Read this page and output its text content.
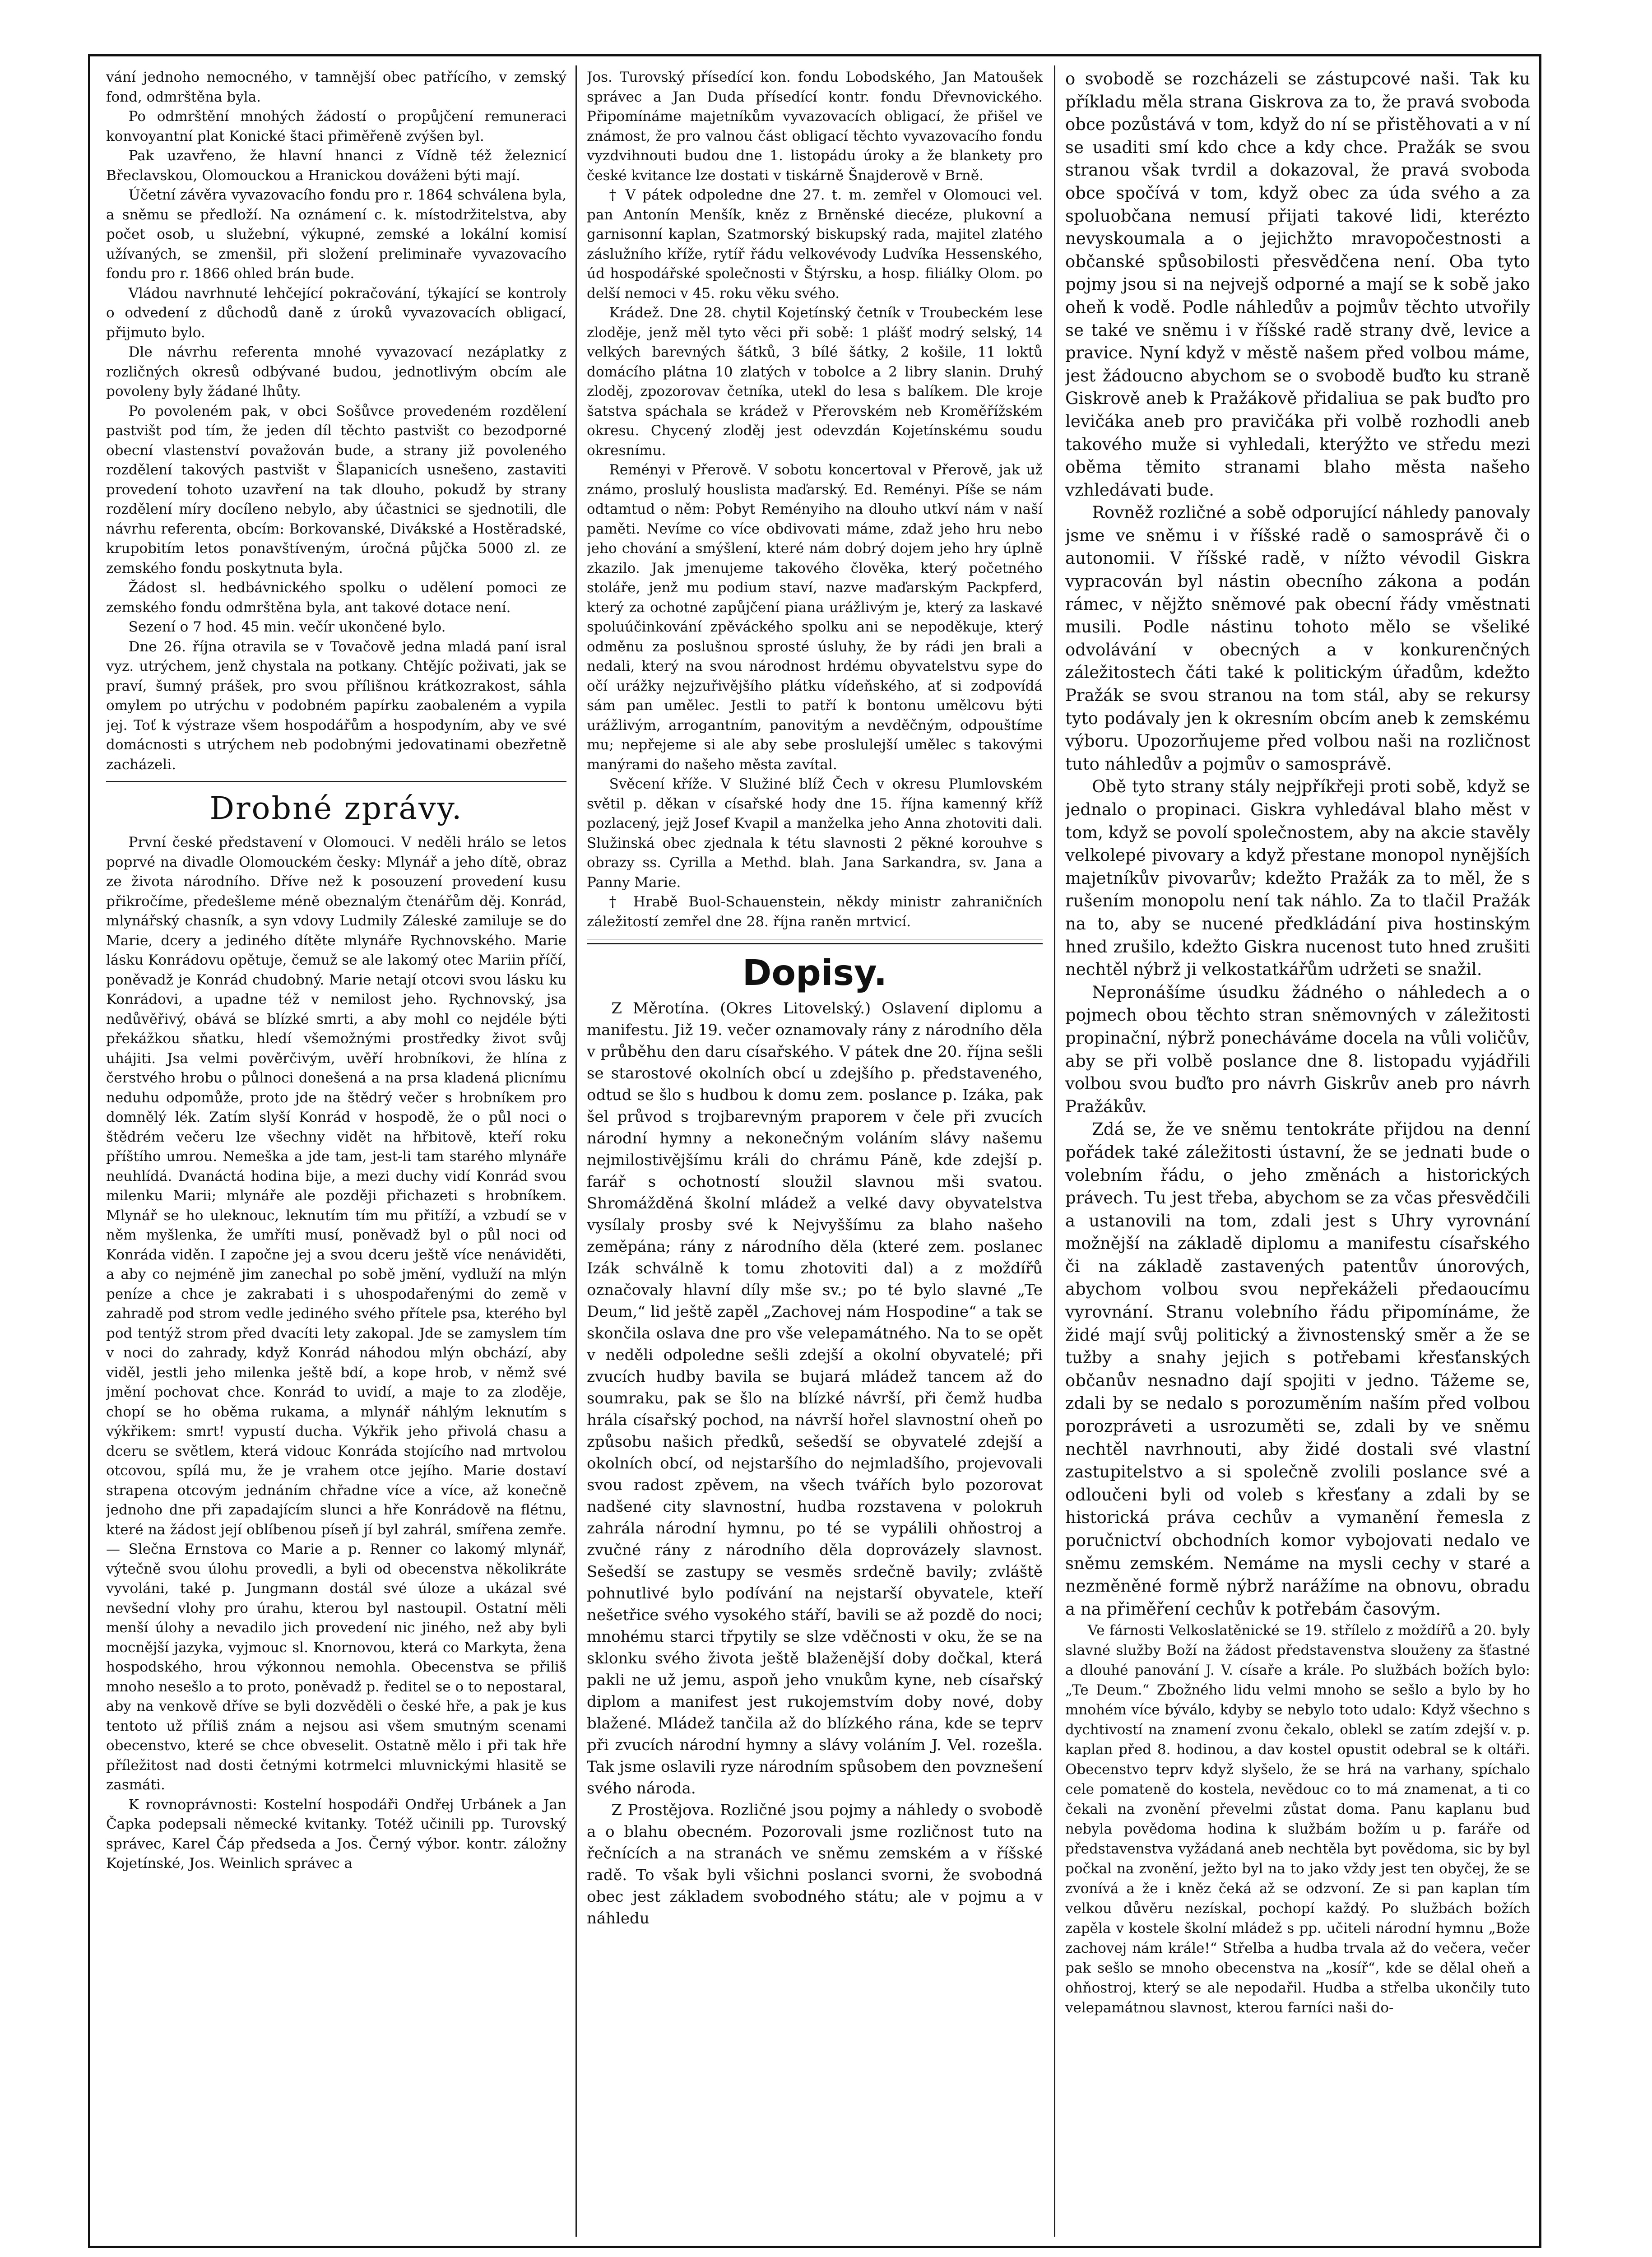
vání jednoho nemocného, v tamnější obec patřícího, v zemský fond, odmrštěna byla.

Po odmrštění mnohých žádostí o propůjčení remuneraci konvoyantní plat Konické štaci přiměřeně zvýšen byl.

Pak uzavřeno, že hlavní hnanci z Vídně též železnicí Břeclavskou, Olomouckou a Hranickou dováženi býti mají.

Účetní závěra vyvazovacího fondu pro r. 1864 schválena byla, a sněmu se předloží. Na oznámení c. k. místodržitelstva, aby počet osob, u služební, výkupné, zemské a lokální komisí užívaných, se zmenšil, při složení preliminaře vyvazovacího fondu pro r. 1866 ohled brán bude.

Vládou navrhnuté lehčející pokračování, týkající se kontroly o odvedení z důchodů daně z úroků vyvazovacích obligací, přijmuto bylo.

Dle návrhu referenta mnohé vyvazovací nezáplatky z rozličných okresů odbývané budou, jednotlivým obcím ale povoleny byly žádané lhůty.

Po povoleném pak, v obci Sošůvce provedeném rozdělení pastvišt pod tím, že jeden díl těchto pastvišt co bezodporné obecní vlastenství považován bude, a strany již povoleného rozdělení takových pastvišt v Šlapanicích usnešeno, zastaviti provedení tohoto uzavření na tak dlouho, pokudž by strany rozdělení míry docíleno nebylo, aby účastnici se sjednotili, dle návrhu referenta, obcím: Borkovanské, Divákské a Hostěradské, krupobitím letos ponavštíveným, úročná půjčka 5000 zl. ze zemského fondu poskytnuta byla.

Žádost sl. hedbávnického spolku o udělení pomoci ze zemského fondu odmrštěna byla, ant takové dotace není.

Sezení o 7 hod. 45 min. večír ukončené bylo.

Dne 26. října otravila se v Tovačově jedna mladá paní isral vyz. utrýchem, jenž chystala na potkany. Chtějíc poživati, jak se praví, šumný prášek, pro svou přílišnou krátkozrakost, sáhla omylem po utrýchu v podobném papírku zaobaleném a vypila jej. Toť k výstraze všem hospodářům a hospodyním, aby ve své domácnosti s utrýchem neb podobnými jedovatinami obezřetně zacházeli.

Drobné zprávy.

První české představení v Olomouci. V neděli hrálo se letos poprvé na divadle Olomouckém česky: Mlynář a jeho dítě, obraz ze života národního. Dříve než k posouzení provedení kusu přikročíme, předešleme méně obeznalým čtenářům děj. Konrád, mlynářský chasník, a syn vdovy Ludmily Záleské zamiluje se do Marie, dcery a jediného dítěte mlynáře Rychnovského. Marie lásku Konrádovu opětuje, čemuž se ale lakomý otec Mariin příčí, poněvadž je Konrád chudobný. Marie netají otcovi svou lásku ku Konrádovi, a upadne též v nemilost jeho. Rychnovský, jsa nedůvěřivý, obává se blízké smrti, a aby mohl co nejdéle býti překážkou sňatku, hledí všemožnými prostředky život svůj uhájiti. Jsa velmi pověrčivým, uvěří hrobníkovi, že hlína z čerstvého hrobu o půlnoci donešená a na prsa kladená plicnímu neduhu odpomůže, proto jde na štědrý večer s hrobníkem pro domnělý lék. Zatím slyší Konrád v hospodě, že o půl noci o štědrém večeru lze všechny vidět na hřbitově, kteří roku příštího umrou. Nemeška a jde tam, jest-li tam starého mlynáře neuhlídá. Dvanáctá hodina bije, a mezi duchy vidí Konrád svou milenku Marii; mlynáře ale později přichazeti s hrobníkem. Mlynář se ho uleknouc, leknutím tím mu přitíží, a vzbudí se v něm myšlenka, že umříti musí, poněvadž byl o půl noci od Konráda viděn. I započne jej a svou dceru ještě více nenáviděti, a aby co nejméně jim zanechal po sobě jmění, vydluží na mlýn peníze a chce je zakrabati i s uhospodařenými do země v zahradě pod strom vedle jediného svého přítele psa, kterého byl pod tentýž strom před dvacíti lety zakopal. Jde se zamyslem tím v noci do zahrady, když Konrád náhodou mlýn obchází, aby viděl, jestli jeho milenka ještě bdí, a kope hrob, v němž své jmění pochovat chce. Konrád to uvidí, a maje to za zloděje, chopí se ho oběma rukama, a mlynář náhlým leknutím s výkřikem: smrt! vypustí ducha. Výkřik jeho přivolá chasu a dceru se světlem, která vidouc Konráda stojícího nad mrtvolou otcovou, spílá mu, že je vrahem otce jejího. Marie dostaví strapena otcovým jednáním chřadne více a více, až konečně jednoho dne při zapadajícím slunci a hře Konrádově na flétnu, které na žádost její oblíbenou píseň jí byl zahrál, smířena zemře. — Slečna Ernstova co Marie a p. Renner co lakomý mlynář, výtečně svou úlohu provedli, a byli od obecenstva několikráte vyvoláni, také p. Jungmann dostál své úloze a ukázal své nevšední vlohy pro úrahu, kterou byl nastoupil. Ostatní měli menší úlohy a nevadilo jich provedení nic jiného, než aby byli mocnější jazyka, vyjmouc sl. Knornovou, která co Markyta, žena hospodského, hrou výkonnou nemohla. Obecenstva se přiliš mnoho nesešlo a to proto, poněvadž p. ředitel se o to nepostaral, aby na venkově dříve se byli dozvěděli o české hře, a pak je kus tentoto už příliš znám a nejsou asi všem smutným scenami obecenstvo, které se chce obveselit. Ostatně mělo i při tak hře příležitost nad dosti četnými kotrmelci mluvnickými hlasitě se zasmáti.

K rovnoprávnosti: Kostelní hospodáři Ondřej Urbánek a Jan Čapka podepsali německé kvitanky. Totéž učinili pp. Turovský správec, Karel Čáp předseda a Jos. Černý výbor. kontr. záložny Kojetínské, Jos. Weinlich správec a

Jos. Turovský přísedící kon. fondu Lobodského, Jan Matoušek správec a Jan Duda přísedící kontr. fondu Dřevnovického. Připomínáme majetníkům vyvazovacích obligací, že přišel ve známost, že pro valnou část obligací těchto vyvazovacího fondu vyzdvihnouti budou dne 1. listopádu úroky a že blankety pro české kvitance lze dostati v tiskárně Šnajderově v Brně.

† V pátek odpoledne dne 27. t. m. zemřel v Olomouci vel. pan Antonín Menšík, kněz z Brněnské diecéze, plukovní a garnisonní kaplan, Szatmorský biskupský rada, majitel zlatého záslužního kříže, rytíř řádu velkovévody Ludvíka Hessenského, úd hospodářské společnosti v Štýrsku, a hosp. filiálky Olom. po delší nemoci v 45. roku věku svého.

Krádež. Dne 28. chytil Kojetínský četník v Troubeckém lese zloděje, jenž měl tyto věci při sobě: 1 plášť modrý selský, 14 velkých barevných šátků, 3 bílé šátky, 2 košile, 11 loktů domácího plátna 10 zlatých v tobolce a 2 libry slanin. Druhý zloděj, zpozorovav četníka, utekl do lesa s balíkem. Dle kroje šatstva spáchala se krádež v Přerovském neb Kroměřížském okresu. Chycený zloděj jest odevzdán Kojetínskému soudu okresnímu.

Reményi v Přerově. V sobotu koncertoval v Přerově, jak už známo, proslulý houslista maďarský. Ed. Reményi. Píše se nám odtamtud o něm: Pobyt Reményiho na dlouho utkví nám v naší paměti. Nevíme co více obdivovati máme, zdaž jeho hru nebo jeho chování a smýšlení, které nám dobrý dojem jeho hry úplně zkazilo. Jak jmenujeme takového člověka, který početného stoláře, jenž mu podium staví, nazve maďarským Packpferd, který za ochotné zapůjčení piana urážlivým je, který za laskavé spoluúčinkování zpěváckého spolku ani se nepoděkuje, který odměnu za poslušnou sprosté úsluhy, že by rádi jen brali a nedali, který na svou národnost hrdému obyvatelstvu sype do očí urážky nejzuřivějšího plátku vídeňského, ať si zodpovídá sám pan umělec. Jestli to patří k bontonu umělcovu býti urážlivým, arrogantním, panovitým a nevděčným, odpouštíme mu; nepřejeme si ale aby sebe proslulejší umělec s takovými manýrami do našeho města zavítal.

Svěcení kříže. V Služiné blíž Čech v okresu Plumlovském světil p. děkan v císařské hody dne 15. října kamenný kříž pozlacený, jejž Josef Kvapil a manželka jeho Anna zhotoviti dali. Služinská obec zjednala k tétu slavnosti 2 pěkné korouhve s obrazy ss. Cyrilla a Methd. blah. Jana Sarkandra, sv. Jana a Panny Marie.

† Hrabě Buol-Schauenstein, někdy ministr zahraničních záležitostí zemřel dne 28. října raněn mrtvicí.

Dopisy.

Z Měrotína. (Okres Litovelský.) Oslavení diplomu a manifestu. Již 19. večer oznamovaly rány z národního děla v průběhu den daru císařského. V pátek dne 20. října sešli se starostové okolních obcí u zdejšího p. představeného, odtud se šlo s hudbou k domu zem. poslance p. Izáka, pak šel průvod s trojbarevným praporem v čele při zvucích národní hymny a nekonečným voláním slávy našemu nejmilostivějšímu králi do chrámu Páně, kde zdejší p. farář s ochotností sloužil slavnou mši svatou. Shromážděná školní mládež a velké davy obyvatelstva vysílaly prosby své k Nejvyššímu za blaho našeho zeměpána; rány z národního děla (které zem. poslanec Izák schválně k tomu zhotoviti dal) a z moždířů označovaly hlavní díly mše sv.; po té bylo slavné „Te Deum,“ lid ještě zapěl „Zachovej nám Hospodine“ a tak se skončila oslava dne pro vše velepamátného. Na to se opět v neděli odpoledne sešli zdejší a okolní obyvatelé; při zvucích hudby bavila se bujará mládež tancem až do soumraku, pak se šlo na blízké návrší, při čemž hudba hrála císařský pochod, na návrší hořel slavnostní oheň po způsobu našich předků, sešedší se obyvatelé zdejší a okolních obcí, od nejstaršího do nejmladšího, projevovali svou radost zpěvem, na všech tvářích bylo pozorovat nadšené city slavnostní, hudba rozstavena v polokruh zahrála národní hymnu, po té se vypálili ohňostroj a zvučné rány z národního děla doprovázely slavnost. Sešedší se zastupy se vesměs srdečně bavily; zvláště pohnutlivé bylo podívání na nejstarší obyvatele, kteří nešetřice svého vysokého stáří, bavili se až pozdě do noci; mnohému starci třpytily se slze vděčnosti v oku, že se na sklonku svého života ještě blaženější doby dočkal, která pakli ne už jemu, aspoň jeho vnukům kyne, neb císařský diplom a manifest jest rukojemstvím doby nové, doby blažené. Mládež tančila až do blízkého rána, kde se teprv při zvucích národní hymny a slávy voláním J. Vel. rozešla. Tak jsme oslavili ryze národním spůsobem den povznešení svého národa.

Z Prostějova. Rozličné jsou pojmy a náhledy o svobodě a o blahu obecném. Pozorovali jsme rozličnost tuto na řečnících a na stranách ve sněmu zemském a v říšské radě. To však byli všichni poslanci svorni, že svobodná obec jest základem svobodného státu; ale v pojmu a v náhledu

o svobodě se rozcházeli se zástupcové naši. Tak ku příkladu měla strana Giskrova za to, že pravá svoboda obce pozůstává v tom, když do ní se přistěhovati a v ní se usaditi smí kdo chce a kdy chce. Pražák se svou stranou však tvrdil a dokazoval, že pravá svoboda obce spočívá v tom, když obec za úda svého a za spoluobčana nemusí přijati takové lidi, kterézto nevyskoumala a o jejichžto mravopočestnosti a občanské spůsobilosti přesvědčena není. Oba tyto pojmy jsou si na nejvejš odporné a mají se k sobě jako oheň k vodě. Podle náhledův a pojmův těchto utvořily se také ve sněmu i v říšské radě strany dvě, levice a pravice. Nyní když v městě našem před volbou máme, jest žádoucno abychom se o svobodě buďto ku straně Giskrově aneb k Pražákově přidaliua se pak buďto pro levičáka aneb pro pravičáka při volbě rozhodli aneb takového muže si vyhledali, kterýžto ve středu mezi oběma těmito stranami blaho města našeho vzhledávati bude.

Rovněž rozličné a sobě odporující náhledy panovaly jsme ve sněmu i v říšské radě o samosprávě či o autonomii. V říšské radě, v nížto vévodil Giskra vypracován byl nástin obecního zákona a podán rámec, v nějžto sněmové pak obecní řády vměstnati musili. Podle nástinu tohoto mělo se všeliké odvolávání v obecných a v konkurenčných záležitostech čáti také k politickým úřadům, kdežto Pražák se svou stranou na tom stál, aby se rekursy tyto podávaly jen k okresním obcím aneb k zemskému výboru. Upozorňujeme před volbou naši na rozličnost tuto náhledův a pojmův o samosprávě.

Obě tyto strany stály nejpříkřeji proti sobě, když se jednalo o propinaci. Giskra vyhledával blaho měst v tom, když se povolí společnostem, aby na akcie stavěly velkolepé pivovary a když přestane monopol nynějších majetníkův pivovarův; kdežto Pražák za to měl, že s rušením monopolu není tak náhlo. Za to tlačil Pražák na to, aby se nucené předkládání piva hostinským hned zrušilo, kdežto Giskra nucenost tuto hned zrušiti nechtěl nýbrž ji velkostatkářům udržeti se snažil.

Nepronášíme úsudku žádného o náhledech a o pojmech obou těchto stran sněmovných v záležitosti propinační, nýbrž ponecháváme docela na vůli voličův, aby se při volbě poslance dne 8. listopadu vyjádřili volbou svou buďto pro návrh Giskrův aneb pro návrh Pražákův.

Zdá se, že ve sněmu tentokráte přijdou na denní pořádek také záležitosti ústavní, že se jednati bude o volebním řádu, o jeho změnách a historických právech. Tu jest třeba, abychom se za včas přesvědčili a ustanovili na tom, zdali jest s Uhry vyrovnání možnější na základě diplomu a manifestu císařského či na základě zastavených patentův únorových, abychom volbou svou nepřekáželi předaoucímu vyrovnání. Stranu volebního řádu připomínáme, že židé mají svůj politický a živnostenský směr a že se tužby a snahy jejich s potřebami křesťanských občanův nesnadno dají spojiti v jedno. Tážeme se, zdali by se nedalo s porozuměním naším před volbou porozpráveti a usrozuměti se, zdali by ve sněmu nechtěl navrhnouti, aby židé dostali své vlastní zastupitelstvo a si společně zvolili poslance své a odloučeni byli od voleb s křesťany a zdali by se historická práva cechův a vymanění řemesla z poručnictví obchodních komor vybojovati nedalo ve sněmu zemském. Nemáme na mysli cechy v staré a nezměněné formě nýbrž narážíme na obnovu, obradu a na přiměření cechův k potřebám časovým.

Ve fárnosti Velkoslatěnické se 19. střílelo z moždířů a 20. byly slavné služby Boží na žádost představenstva slouženy za šťastné a dlouhé panování J. V. císaře a krále. Po službách božích bylo: „Te Deum.“ Zbožného lidu velmi mnoho se sešlo a bylo by ho mnohém více býválo, kdyby se nebylo toto udalo: Když všechno s dychtivostí na znamení zvonu čekalo, oblekl se zatím zdejší v. p. kaplan před 8. hodinou, a dav kostel opustit odebral se k oltáři. Obecenstvo teprv když slyšelo, že se hrá na varhany, spíchalo cele pomateně do kostela, nevědouc co to má znamenat, a ti co čekali na zvonění převelmi zůstat doma. Panu kaplanu buď nebyla povědoma hodina k službám božím u p. faráře od představenstva vyžádaná aneb nechtěla byt povědoma, sic by byl počkal na zvonění, ježto byl na to jako vždy jest ten obyčej, že se zvonívá a že i kněz čeká až se odzvoní. Ze si pan kaplan tím velkou důvěru nezískal, pochopí každý. Po službách božích zapěla v kostele školní mládež s pp. učiteli národní hymnu „Bože zachovej nám krále!“ Střelba a hudba trvala až do večera, večer pak sešlo se mnoho obecenstva na „kosíř“, kde se dělal oheň a ohňostroj, který se ale nepodařil. Hudba a střelba ukončily tuto velepamátnou slavnost, kterou farníci naši do-
